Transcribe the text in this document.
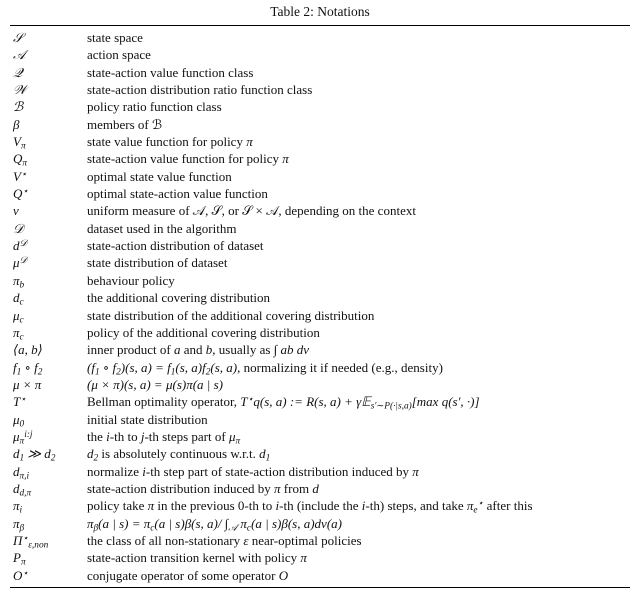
Table 2: Notations
𝒮	state space
𝒜	action space
𝒬	state-action value function class
𝒲	state-action distribution ratio function class
ℬ	policy ratio function class
β	members of ℬ
$V_\pi$	state value function for policy π
$Q_\pi$	state-action value function for policy π
V⋆	optimal state value function
Q⋆	optimal state-action value function
ν	uniform measure of 𝒜, 𝒮, or 𝒮 × 𝒜, depending on the context
𝒟	dataset used in the algorithm
$d^𝒟$	state-action distribution of dataset
$\mu^𝒟$	state distribution of dataset
$\pi_b$	behaviour policy
$d_c$	the additional covering distribution
$\mu_c$	state distribution of the additional covering distribution
$\pi_c$	policy of the additional covering distribution
⟨a, b⟩	inner product of a and b, usually as ∫ ab dν
$f_1$ ∘ $f_2$	($f_1$ ∘ $f_2)(s$, $a) = f_1(s$, $a)f_2(s$, a), normalizing it if needed (e.g., density)
μ × π	(μ × π)(s, a) = μ(s)π(a | s)
T⋆	Bellman optimality operator, T⋆q(s, a) := R(s, a) + γ𝔼$_{s'\sim P(\cdot|s,a)}$[max q(s′, ·)]
$\mu_0$	initial state distribution
$\mu_\pi^{i:j}$	the i-th to j-th steps part of $\mu_\pi$
$d_1$ ≫ $d_2$	$d_2$ is absolutely continuous w.r.t. $d_1$
$d_{\pi,i}$	normalize i-th step part of state-action distribution induced by π
$d_{d,\pi}$	state-action distribution induced by π from d
$\pi_i$	policy take π in the previous 0-th to i-th (include the i-th) steps, and take $\pi_e^⋆$ after this
$\pi_\beta$	$\pi_\beta(a$ | $s) = \pi_c(a$ | s)β(s, a)/ $\int_𝒜$ $\pi_c(a$ | s)β(s, a)dν(a)
$\Pi^⋆_{\varepsilon,non}$	the class of all non-stationary ε near-optimal policies
$P_\pi$	state-action transition kernel with policy π
O⋆	conjugate operator of some operator O
